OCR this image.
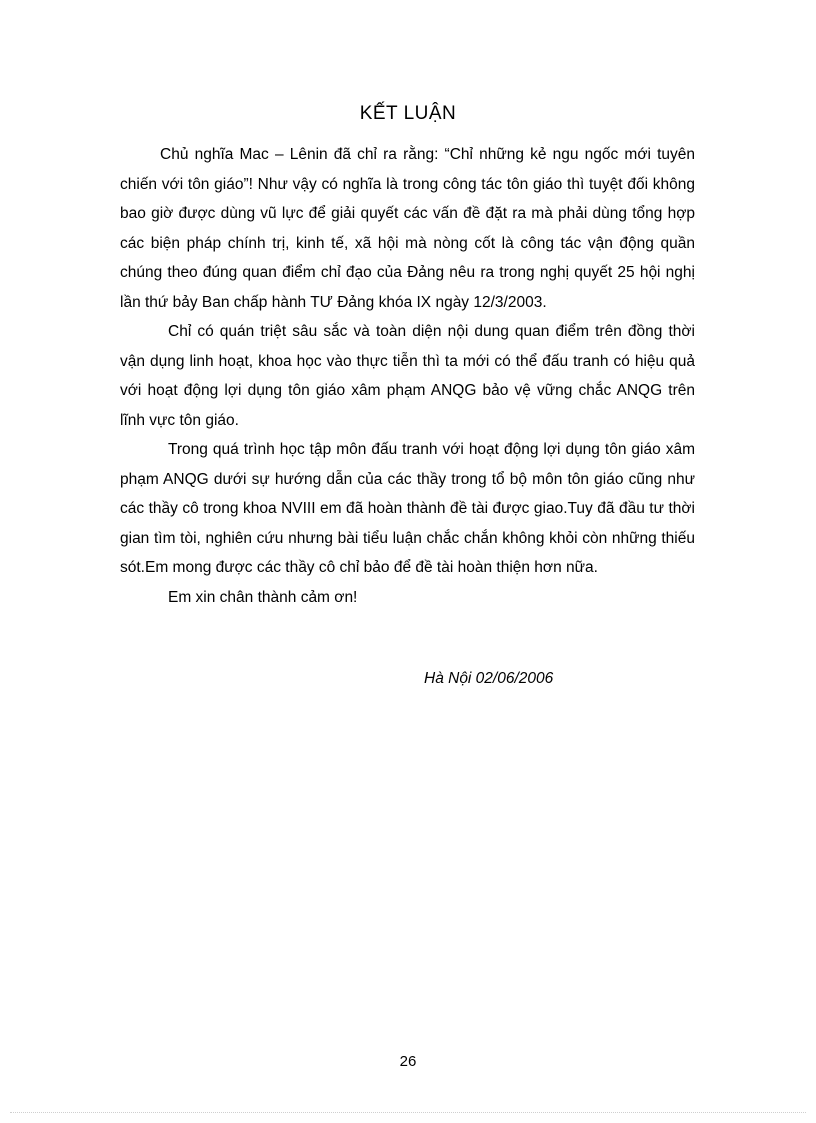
KẾT LUẬN

Chủ nghĩa Mac – Lênin đã chỉ ra rằng: “Chỉ những kẻ ngu ngốc mới tuyên chiến với tôn giáo”! Như vậy có nghĩa là trong công tác tôn giáo thì tuyệt đối không bao giờ được dùng vũ lực để giải quyết các vấn đề đặt ra mà phải dùng tổng hợp các biện pháp chính trị, kinh tế, xã hội mà nòng cốt là công tác vận động quần chúng theo đúng quan điểm chỉ đạo của Đảng nêu ra trong nghị quyết 25 hội nghị lần thứ bảy Ban chấp hành TƯ Đảng khóa IX ngày 12/3/2003.

Chỉ có quán triệt sâu sắc và toàn diện nội dung quan điểm trên đồng thời vận dụng linh hoạt, khoa học vào thực tiễn thì ta mới có thể đấu tranh có hiệu quả với hoạt động lợi dụng tôn giáo xâm phạm ANQG bảo vệ vững chắc ANQG trên lĩnh vực tôn giáo.

Trong quá trình học tập môn đấu tranh với hoạt động lợi dụng tôn giáo xâm phạm ANQG dưới sự hướng dẫn của các thầy trong tổ bộ môn tôn giáo cũng như các thầy cô trong khoa NVIII em đã hoàn thành đề tài được giao.Tuy đã đầu tư thời gian tìm tòi, nghiên cứu nhưng bài tiểu luận chắc chắn không khỏi còn những thiếu sót.Em mong được các thầy cô chỉ bảo để đề tài hoàn thiện hơn nữa.

Em xin chân thành cảm ơn!

Hà Nội 02/06/2006
26
